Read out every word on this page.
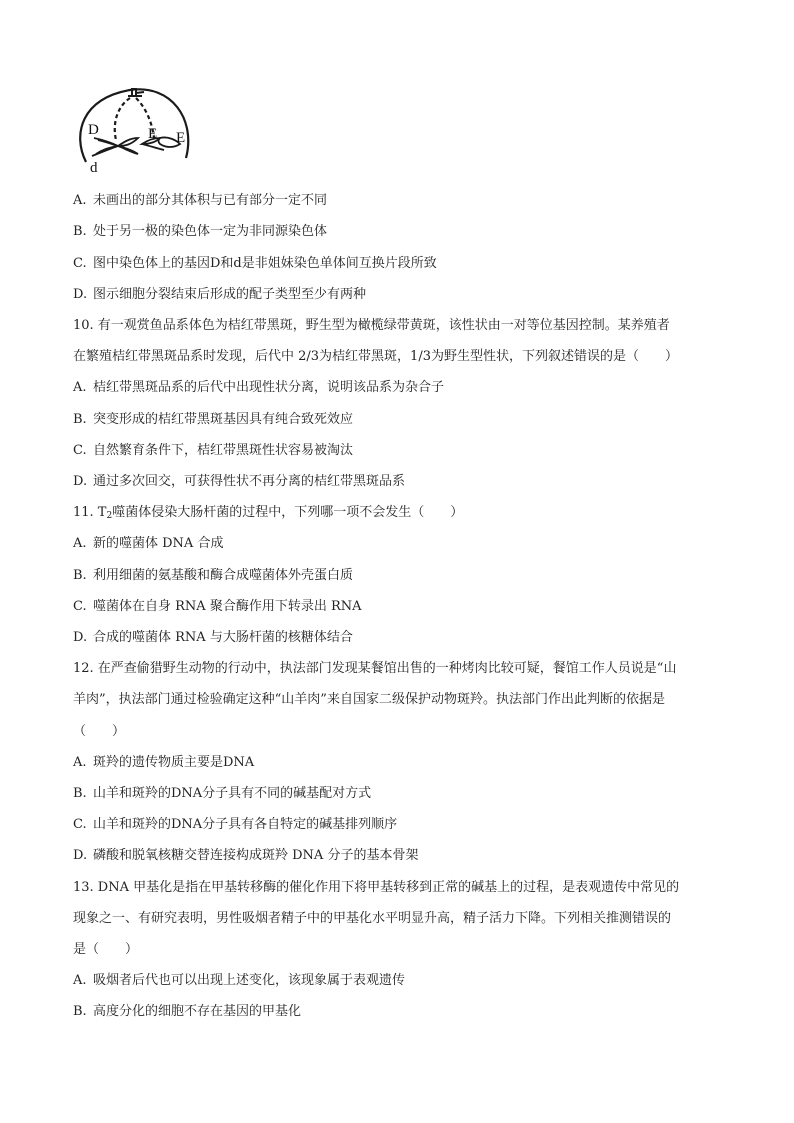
D
d
E E
A. 未画出的部分其体积与已有部分一定不同
B. 处于另一极的染色体一定为非同源染色体
C. 图中染色体上的基因D和d是非姐妹染色单体间互换片段所致
D. 图示细胞分裂结束后形成的配子类型至少有两种
10. 有一观赏鱼品系体色为桔红带黑斑，野生型为橄榄绿带黄斑，该性状由一对等位基因控制。某养殖者
在繁殖桔红带黑斑品系时发现，后代中 2/3为桔红带黑斑，1/3为野生型性状，下列叙述错误的是（　　）
A. 桔红带黑斑品系的后代中出现性状分离，说明该品系为杂合子
B. 突变形成的桔红带黑斑基因具有纯合致死效应
C. 自然繁育条件下，桔红带黑斑性状容易被淘汰
D. 通过多次回交，可获得性状不再分离的桔红带黑斑品系
11. $T_2$噬菌体侵染大肠杆菌的过程中，下列哪一项不会发生（　　）
A. 新的噬菌体 DNA 合成
B. 利用细菌的氨基酸和酶合成噬菌体外壳蛋白质
C. 噬菌体在自身 RNA 聚合酶作用下转录出 RNA
D. 合成的噬菌体 RNA 与大肠杆菌的核糖体结合
12. 在严查偷猎野生动物的行动中，执法部门发现某餐馆出售的一种烤肉比较可疑，餐馆工作人员说是“山
羊肉”，执法部门通过检验确定这种“山羊肉”来自国家二级保护动物斑羚。执法部门作出此判断的依据是
（　　）
A. 斑羚的遗传物质主要是DNA
B. 山羊和斑羚的DNA分子具有不同的碱基配对方式
C. 山羊和斑羚的DNA分子具有各自特定的碱基排列顺序
D. 磷酸和脱氧核糖交替连接构成斑羚 DNA 分子的基本骨架
13. DNA 甲基化是指在甲基转移酶的催化作用下将甲基转移到正常的碱基上的过程，是表观遗传中常见的
现象之一、有研究表明，男性吸烟者精子中的甲基化水平明显升高，精子活力下降。下列相关推测错误的
是（　　）
A. 吸烟者后代也可以出现上述变化，该现象属于表观遗传
B. 高度分化的细胞不存在基因的甲基化
